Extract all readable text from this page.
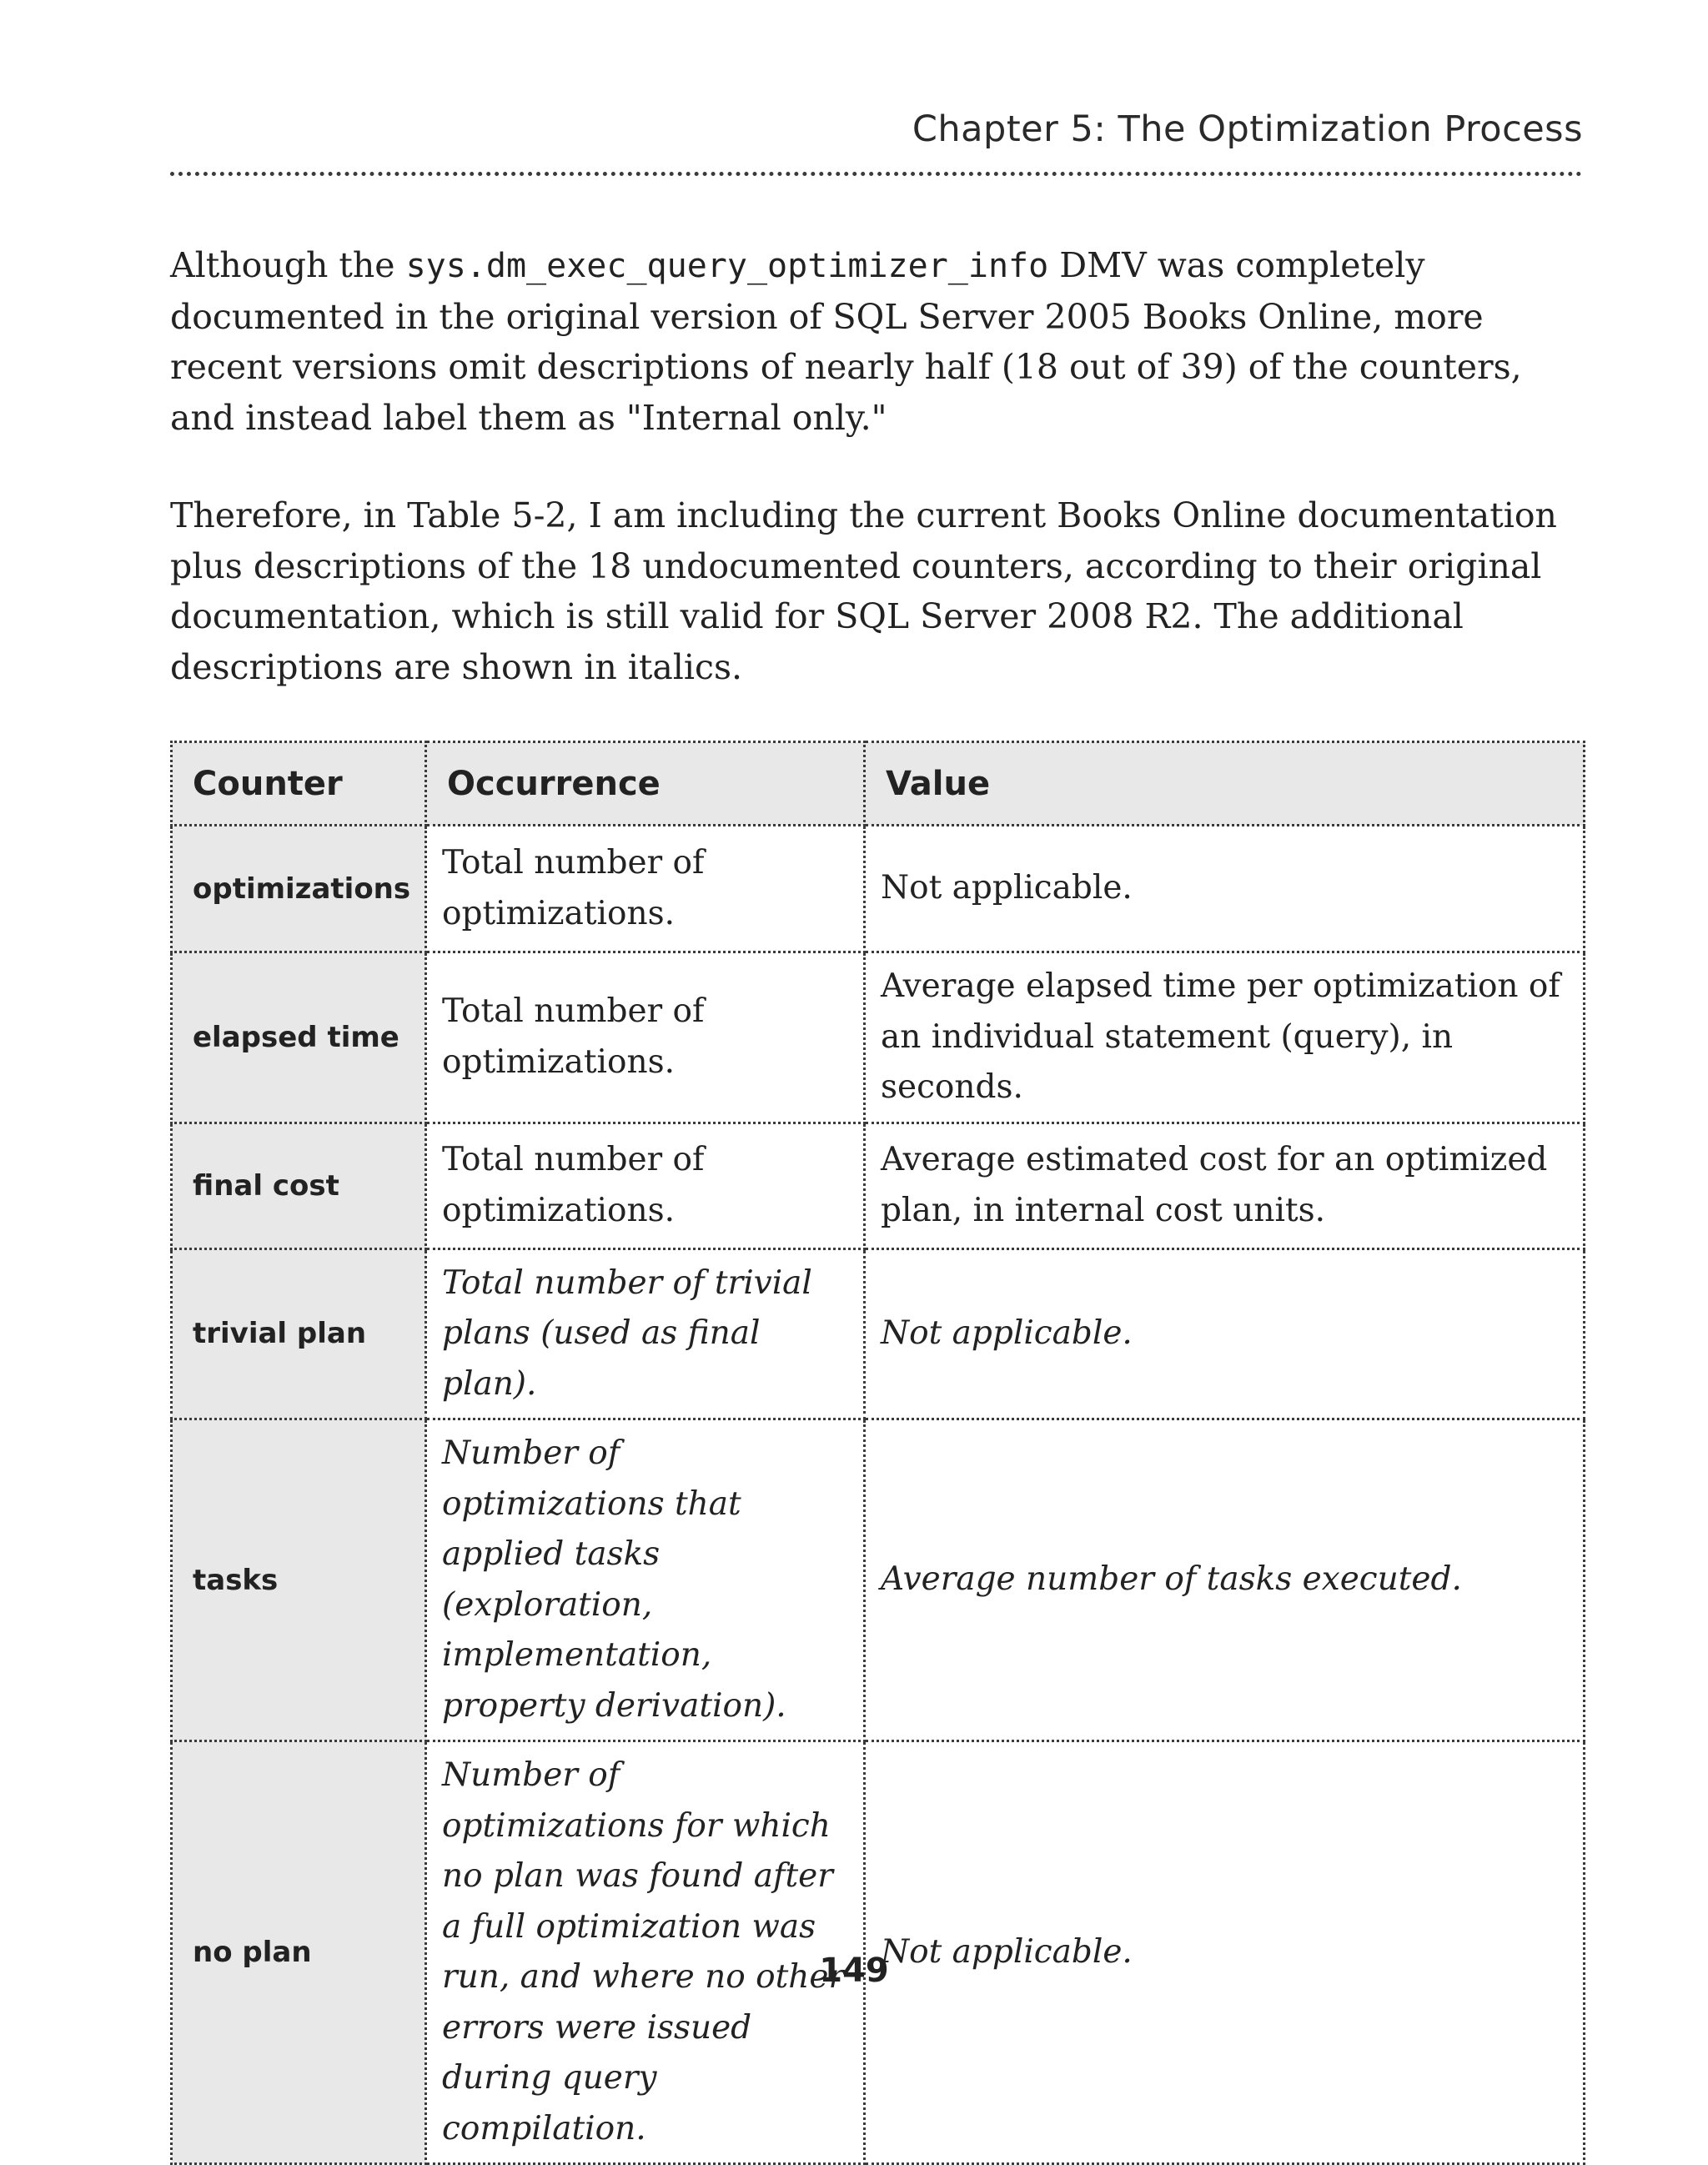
Chapter 5: The Optimization Process

Although the sys.dm_exec_query_optimizer_info DMV was completely documented in the original version of SQL Server 2005 Books Online, more recent versions omit descriptions of nearly half (18 out of 39) of the counters, and instead label them as "Internal only."

Therefore, in Table 5-2, I am including the current Books Online documentation plus descriptions of the 18 undocumented counters, according to their original documentation, which is still valid for SQL Server 2008 R2. The additional descriptions are shown in italics.

Counter	Occurrence	Value
optimizations	Total number of optimizations.	Not applicable.
elapsed time	Total number of optimizations.	Average elapsed time per optimization of an individual statement (query), in seconds.
final cost	Total number of optimizations.	Average estimated cost for an optimized plan, in internal cost units.
trivial plan	Total number of trivial plans (used as final plan).	Not applicable.
tasks	Number of optimizations that applied tasks (exploration, implementation, property derivation).	Average number of tasks executed.
no plan	Number of optimizations for which no plan was found after a full optimization was run, and where no other errors were issued during query compilation.	Not applicable.
149
